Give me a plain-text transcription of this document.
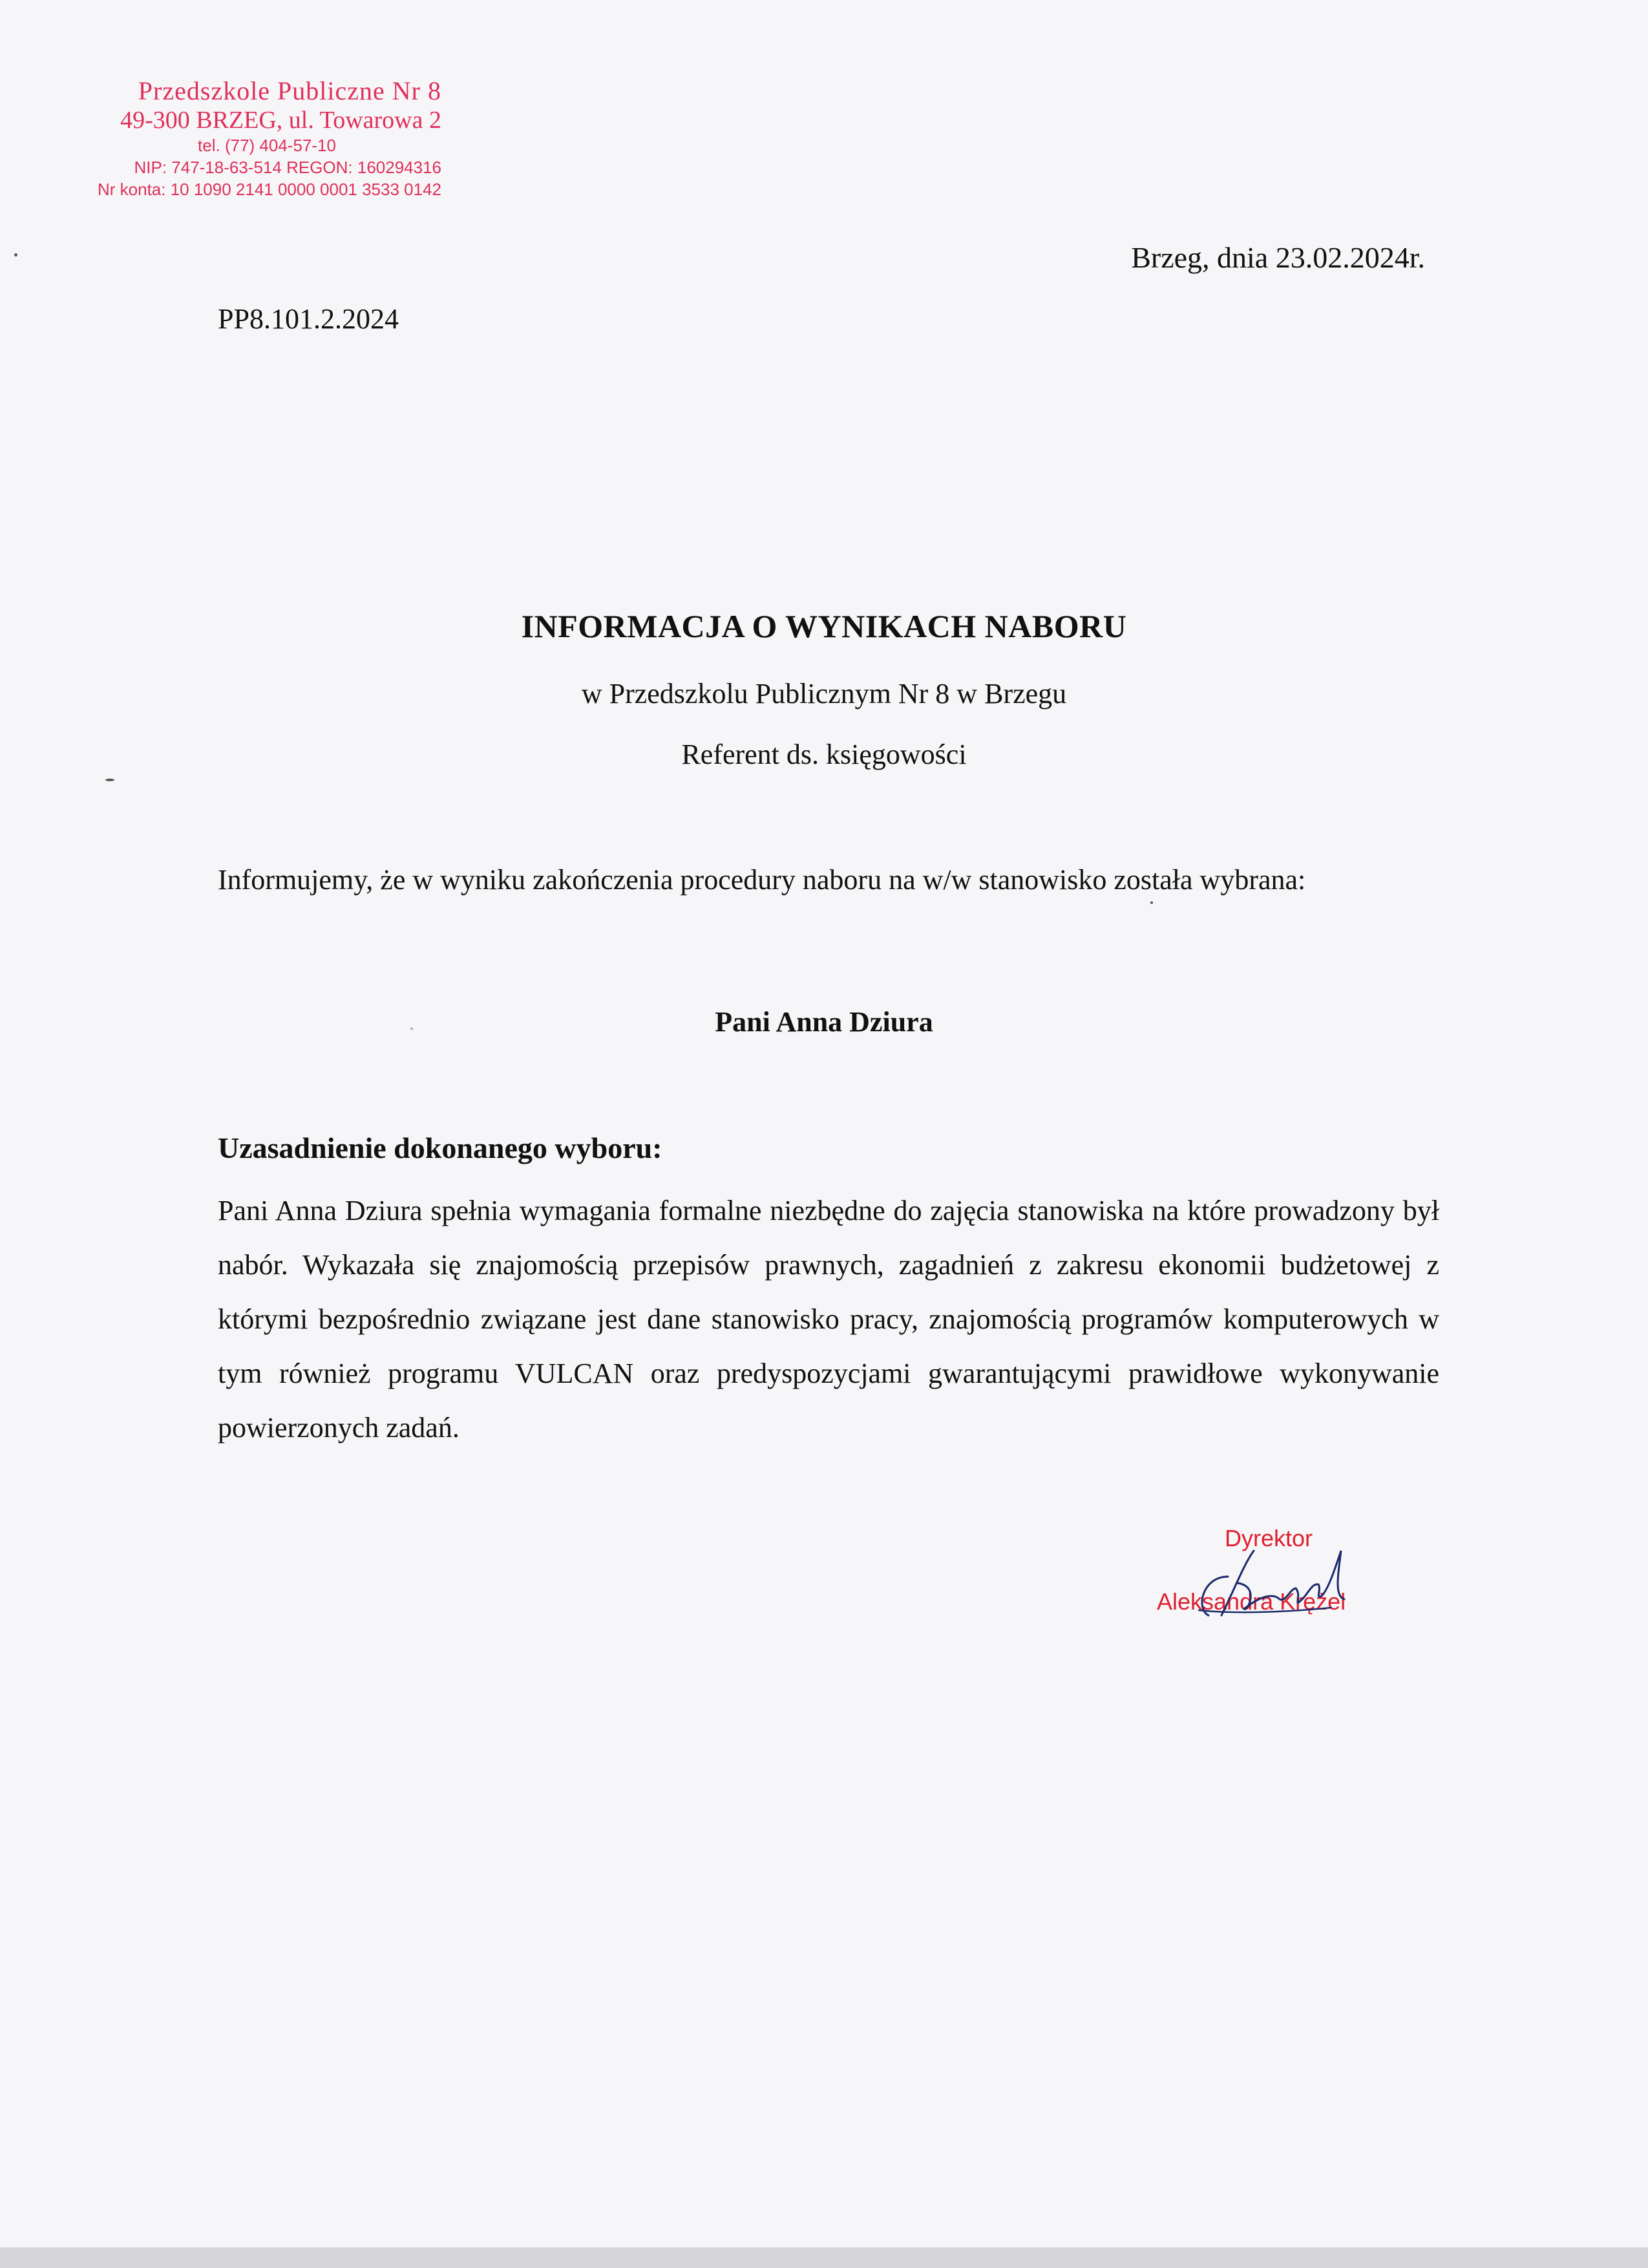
Przedszkole Publiczne Nr 8
49-300 BRZEG, ul. Towarowa 2
tel. (77) 404-57-10
NIP: 747-18-63-514 REGON: 160294316
Nr konta: 10 1090 2141 0000 0001 3533 0142
Brzeg, dnia 23.02.2024r.
PP8.101.2.2024
INFORMACJA O WYNIKACH NABORU
w Przedszkolu Publicznym Nr 8 w Brzegu
Referent ds. księgowości
Informujemy, że w wyniku zakończenia procedury naboru na w/w stanowisko została wybrana:
Pani Anna Dziura
Uzasadnienie dokonanego wyboru:
Pani Anna Dziura spełnia wymagania formalne niezbędne do zajęcia stanowiska na które prowadzony był nabór. Wykazała się znajomością przepisów prawnych, zagadnień z zakresu ekonomii budżetowej z którymi bezpośrednio związane jest dane stanowisko pracy, znajomością programów komputerowych w tym również programu VULCAN oraz predyspozycjami gwarantującymi prawidłowe wykonywanie powierzonych zadań.
Dyrektor
Aleksandra Krężel
